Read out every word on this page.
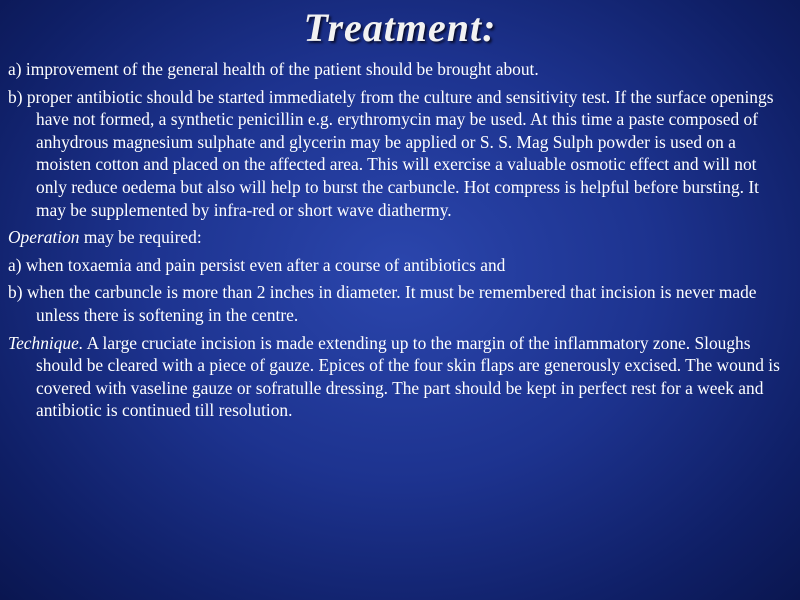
Treatment:

a) improvement of the general health of the patient should be brought about.

b) proper antibiotic should be started immediately from the culture and sensitivity test. If the surface openings have not formed, a synthetic penicillin e.g. erythromycin may be used. At this time a paste composed of anhydrous magnesium sulphate and glycerin may be applied or S. S. Mag Sulph powder is used on a moisten cotton and placed on the affected area. This will exercise a valuable osmotic effect and will not only reduce oedema but also will help to burst the carbuncle. Hot compress is helpful before bursting. It may be supplemented by infra-red or short wave diathermy.

Operation may be required:

a) when toxaemia and pain persist even after a course of antibiotics and

b) when the carbuncle is more than 2 inches in diameter. It must be remembered that incision is never made unless there is softening in the centre.

Technique. A large cruciate incision is made extending up to the margin of the inflammatory zone. Sloughs should be cleared with a piece of gauze. Epices of the four skin flaps are generously excised. The wound is covered with vaseline gauze or sofratulle dressing. The part should be kept in perfect rest for a week and antibiotic is continued till resolution.
